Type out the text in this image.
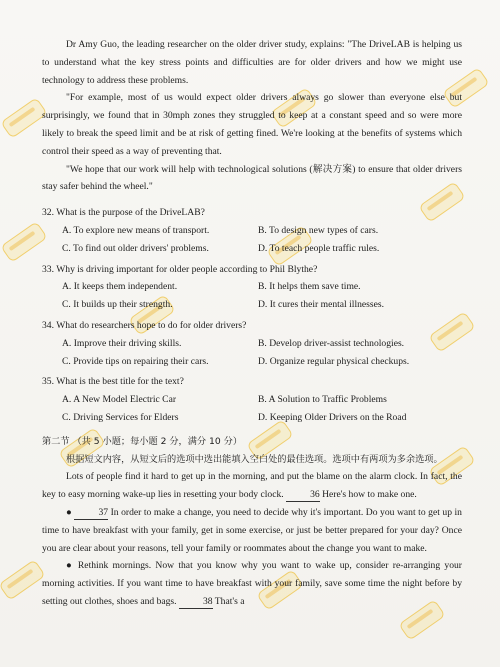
Dr Amy Guo, the leading researcher on the older driver study, explains: "The DriveLAB is helping us to understand what the key stress points and difficulties are for older drivers and how we might use technology to address these problems.

"For example, most of us would expect older drivers always go slower than everyone else but surprisingly, we found that in 30mph zones they struggled to keep at a constant speed and so were more likely to break the speed limit and be at risk of getting fined. We're looking at the benefits of systems which control their speed as a way of preventing that.

"We hope that our work will help with technological solutions (解决方案) to ensure that older drivers stay safer behind the wheel."

32. What is the purpose of the DriveLAB?
A. To explore new means of transport.	B. To design new types of cars.
C. To find out older drivers' problems.	D. To teach people traffic rules.
33. Why is driving important for older people according to Phil Blythe?
A. It keeps them independent.	B. It helps them save time.
C. It builds up their strength.	D. It cures their mental illnesses.
34. What do researchers hope to do for older drivers?
A. Improve their driving skills.	B. Develop driver-assist technologies.
C. Provide tips on repairing their cars.	D. Organize regular physical checkups.
35. What is the best title for the text?
A. A New Model Electric Car	B. A Solution to Traffic Problems
C. Driving Services for Elders	D. Keeping Older Drivers on the Road
第二节 （共 5 小题；每小题 2 分，满分 10 分）

根据短文内容，从短文后的选项中选出能填入空白处的最佳选项。选项中有两项为多余选项。

Lots of people find it hard to get up in the morning, and put the blame on the alarm clock. In fact, the key to easy morning wake-up lies in resetting your body clock.	36 Here's how to make one.

●	37 In order to make a change, you need to decide why it's important. Do you want to get up in time to have breakfast with your family, get in some exercise, or just be better prepared for your day? Once you are clear about your reasons, tell your family or roommates about the change you want to make.

● Rethink mornings. Now that you know why you want to wake up, consider re-arranging your morning activities. If you want time to have breakfast with your family, save some time the night before by setting out clothes, shoes and bags.	38 That's a
